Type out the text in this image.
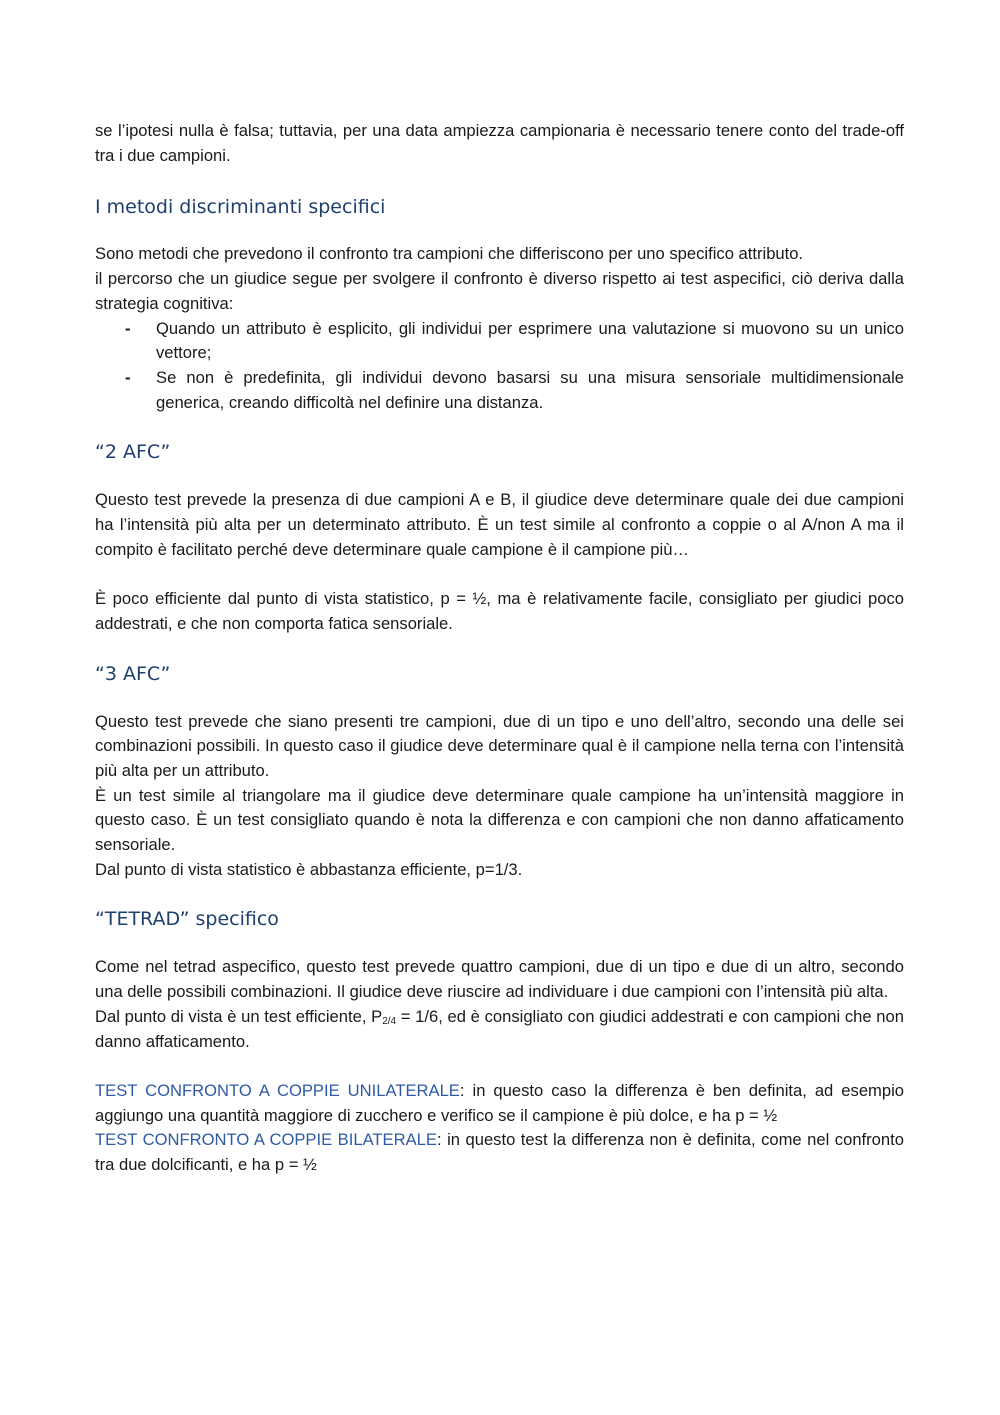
se l’ipotesi nulla è falsa; tuttavia, per una data ampiezza campionaria è necessario tenere conto del trade-off tra i due campioni.

I metodi discriminanti specifici

Sono metodi che prevedono il confronto tra campioni che differiscono per uno specifico attributo.

il percorso che un giudice segue per svolgere il confronto è diverso rispetto ai test aspecifici, ciò deriva dalla strategia cognitiva:

- Quando un attributo è esplicito, gli individui per esprimere una valutazione si muovono su un unico vettore;
- Se non è predefinita, gli individui devono basarsi su una misura sensoriale multidimensionale generica, creando difficoltà nel definire una distanza.
“2 AFC”

Questo test prevede la presenza di due campioni A e B, il giudice deve determinare quale dei due campioni ha l’intensità più alta per un determinato attributo. È un test simile al confronto a coppie o al A/non A ma il compito è facilitato perché deve determinare quale campione è il campione più…

È poco efficiente dal punto di vista statistico, p = ½, ma è relativamente facile, consigliato per giudici poco addestrati, e che non comporta fatica sensoriale.

“3 AFC”

Questo test prevede che siano presenti tre campioni, due di un tipo e uno dell’altro, secondo una delle sei combinazioni possibili. In questo caso il giudice deve determinare qual è il campione nella terna con l’intensità più alta per un attributo.

È un test simile al triangolare ma il giudice deve determinare quale campione ha un’intensità maggiore in questo caso. È un test consigliato quando è nota la differenza e con campioni che non danno affaticamento sensoriale.

Dal punto di vista statistico è abbastanza efficiente, p=1/3.

“TETRAD” specifico

Come nel tetrad aspecifico, questo test prevede quattro campioni, due di un tipo e due di un altro, secondo una delle possibili combinazioni. Il giudice deve riuscire ad individuare i due campioni con l’intensità più alta.

Dal punto di vista è un test efficiente, $P_{2/4} = 1/6$, ed è consigliato con giudici addestrati e con campioni che non danno affaticamento.

TEST CONFRONTO A COPPIE UNILATERALE: in questo caso la differenza è ben definita, ad esempio aggiungo una quantità maggiore di zucchero e verifico se il campione è più dolce, e ha p = ½

TEST CONFRONTO A COPPIE BILATERALE: in questo test la differenza non è definita, come nel confronto tra due dolcificanti, e ha p = ½
